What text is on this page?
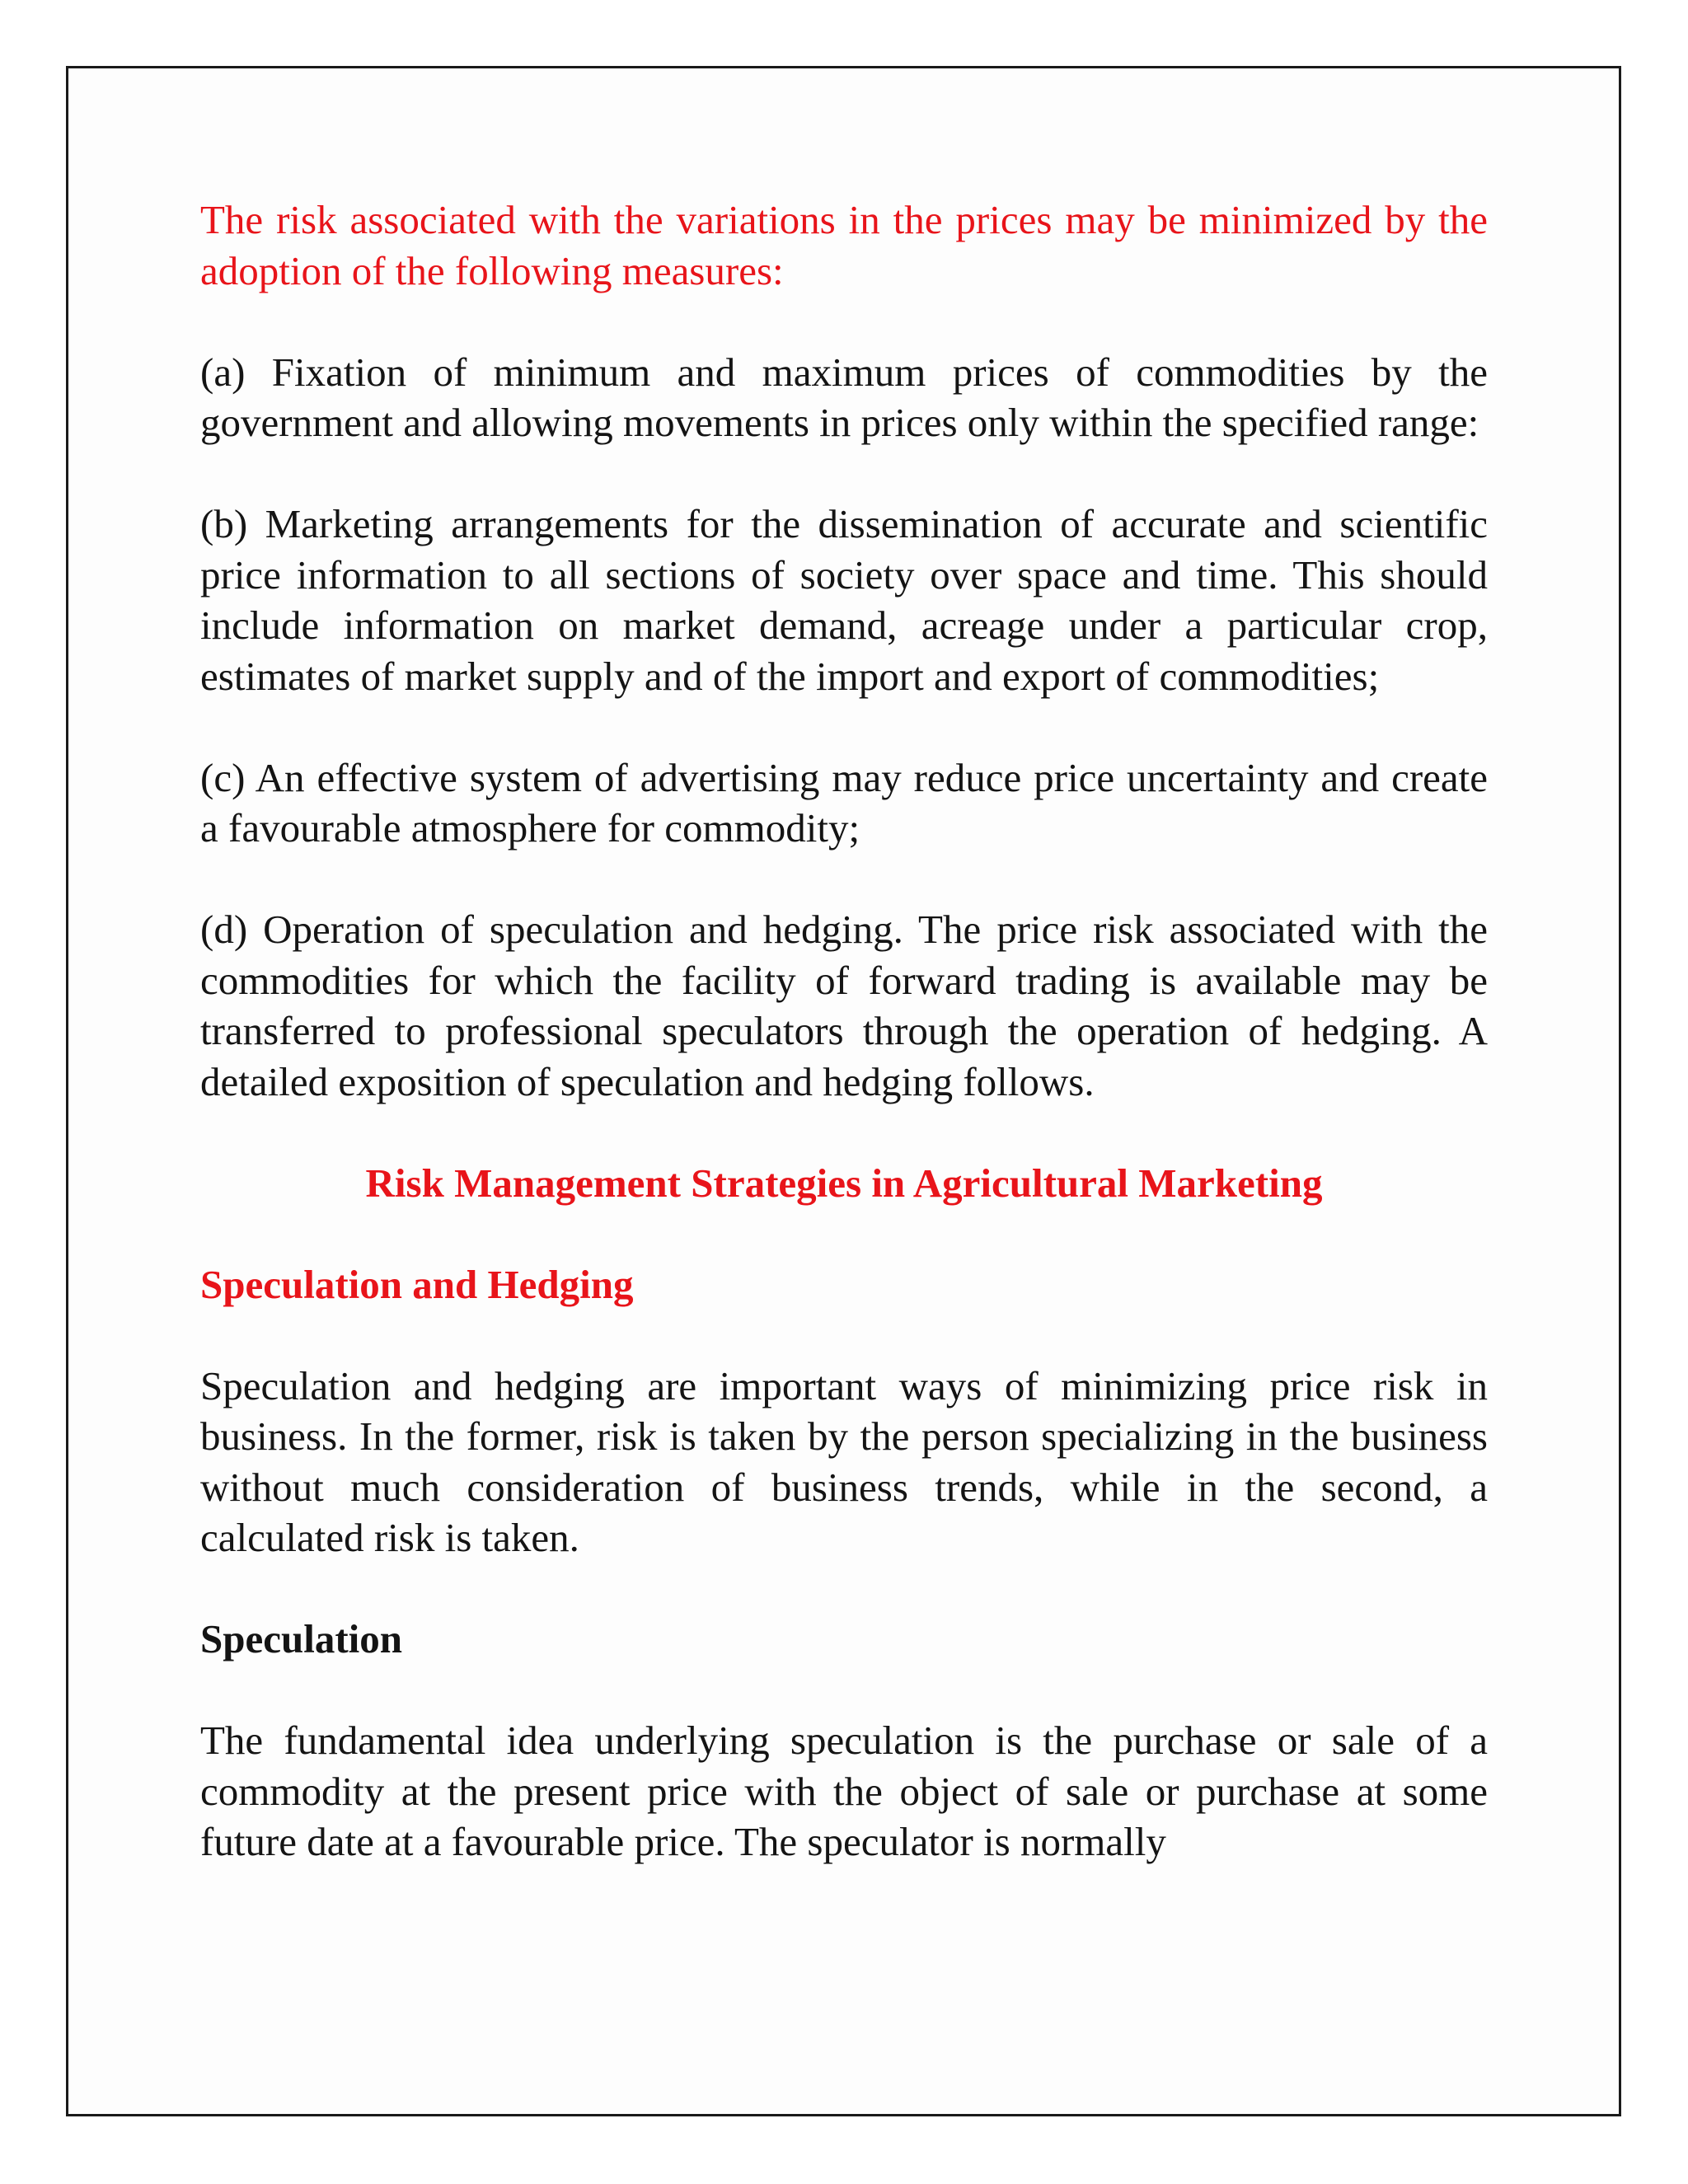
The risk associated with the variations in the prices may be minimized by the adoption of the following measures:

(a) Fixation of minimum and maximum prices of commodities by the government and allowing movements in prices only within the specified range:

(b) Marketing arrangements for the dissemination of accurate and scientific price information to all sections of society over space and time. This should include information on market demand, acreage under a particular crop, estimates of market supply and of the import and export of commodities;

(c) An effective system of advertising may reduce price uncertainty and create a favourable atmosphere for commodity;

(d) Operation of speculation and hedging. The price risk associated with the commodities for which the facility of forward trading is available may be transferred to professional speculators through the operation of hedging. A detailed exposition of speculation and hedging follows.

Risk Management Strategies in Agricultural Marketing

Speculation and Hedging

Speculation and hedging are important ways of minimizing price risk in business. In the former, risk is taken by the person specializing in the business without much consideration of business trends, while in the second, a calculated risk is taken.

Speculation

The fundamental idea underlying speculation is the purchase or sale of a commodity at the present price with the object of sale or purchase at some future date at a favourable price. The speculator is normally
